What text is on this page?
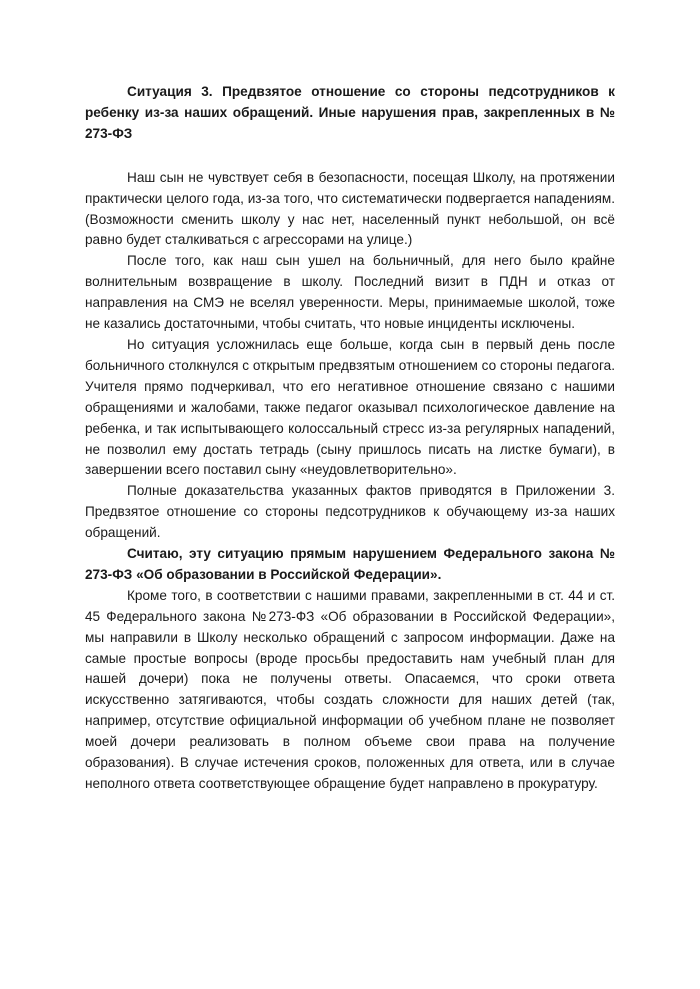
Ситуация 3. Предвзятое отношение со стороны педсотрудников к ребенку из-за наших обращений. Иные нарушения прав, закрепленных в № 273-ФЗ

Наш сын не чувствует себя в безопасности, посещая Школу, на протяжении практически целого года, из-за того, что систематически подвергается нападениям. (Возможности сменить школу у нас нет, населенный пункт небольшой, он всё равно будет сталкиваться с агрессорами на улице.)

После того, как наш сын ушел на больничный, для него было крайне волнительным возвращение в школу. Последний визит в ПДН и отказ от направления на СМЭ не вселял уверенности. Меры, принимаемые школой, тоже не казались достаточными, чтобы считать, что новые инциденты исключены.

Но ситуация усложнилась еще больше, когда сын в первый день после больничного столкнулся с открытым предвзятым отношением со стороны педагога. Учителя прямо подчеркивал, что его негативное отношение связано с нашими обращениями и жалобами, также педагог оказывал психологическое давление на ребенка, и так испытывающего колоссальный стресс из-за регулярных нападений, не позволил ему достать тетрадь (сыну пришлось писать на листке бумаги), в завершении всего поставил сыну «неудовлетворительно».

Полные доказательства указанных фактов приводятся в Приложении 3. Предвзятое отношение со стороны педсотрудников к обучающему из-за наших обращений.

Считаю, эту ситуацию прямым нарушением Федерального закона № 273-ФЗ «Об образовании в Российской Федерации».

Кроме того, в соответствии с нашими правами, закрепленными в ст. 44 и ст. 45 Федерального закона №273-ФЗ «Об образовании в Российской Федерации», мы направили в Школу несколько обращений с запросом информации. Даже на самые простые вопросы (вроде просьбы предоставить нам учебный план для нашей дочери) пока не получены ответы. Опасаемся, что сроки ответа искусственно затягиваются, чтобы создать сложности для наших детей (так, например, отсутствие официальной информации об учебном плане не позволяет моей дочери реализовать в полном объеме свои права на получение образования). В случае истечения сроков, положенных для ответа, или в случае неполного ответа соответствующее обращение будет направлено в прокуратуру.
